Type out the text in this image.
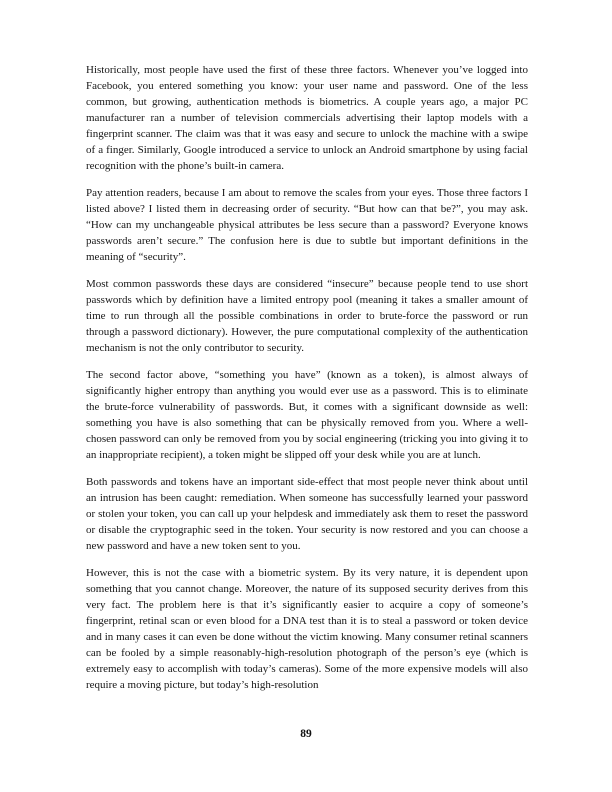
Historically, most people have used the first of these three factors. Whenever you’ve logged into Facebook, you entered something you know: your user name and password. One of the less common, but growing, authentication methods is biometrics. A couple years ago, a major PC manufacturer ran a number of television commercials advertising their laptop models with a fingerprint scanner. The claim was that it was easy and secure to unlock the machine with a swipe of a finger. Similarly, Google introduced a service to unlock an Android smartphone by using facial recognition with the phone’s built-in camera.

Pay attention readers, because I am about to remove the scales from your eyes. Those three factors I listed above? I listed them in decreasing order of security. “But how can that be?”, you may ask. “How can my unchangeable physical attributes be less secure than a password? Everyone knows passwords aren’t secure.” The confusion here is due to subtle but important definitions in the meaning of “security”.

Most common passwords these days are considered “insecure” because people tend to use short passwords which by definition have a limited entropy pool (meaning it takes a smaller amount of time to run through all the possible combinations in order to brute-force the password or run through a password dictionary). However, the pure computational complexity of the authentication mechanism is not the only contributor to security.

The second factor above, “something you have” (known as a token), is almost always of significantly higher entropy than anything you would ever use as a password. This is to eliminate the brute-force vulnerability of passwords. But, it comes with a significant downside as well: something you have is also something that can be physically removed from you. Where a well-chosen password can only be removed from you by social engineering (tricking you into giving it to an inappropriate recipient), a token might be slipped off your desk while you are at lunch.

Both passwords and tokens have an important side-effect that most people never think about until an intrusion has been caught: remediation. When someone has successfully learned your password or stolen your token, you can call up your helpdesk and immediately ask them to reset the password or disable the cryptographic seed in the token. Your security is now restored and you can choose a new password and have a new token sent to you.

However, this is not the case with a biometric system. By its very nature, it is dependent upon something that you cannot change. Moreover, the nature of its supposed security derives from this very fact. The problem here is that it’s significantly easier to acquire a copy of someone’s fingerprint, retinal scan or even blood for a DNA test than it is to steal a password or token device and in many cases it can even be done without the victim knowing. Many consumer retinal scanners can be fooled by a simple reasonably-high-resolution photograph of the person’s eye (which is extremely easy to accomplish with today’s cameras). Some of the more expensive models will also require a moving picture, but today’s high-resolution

89
